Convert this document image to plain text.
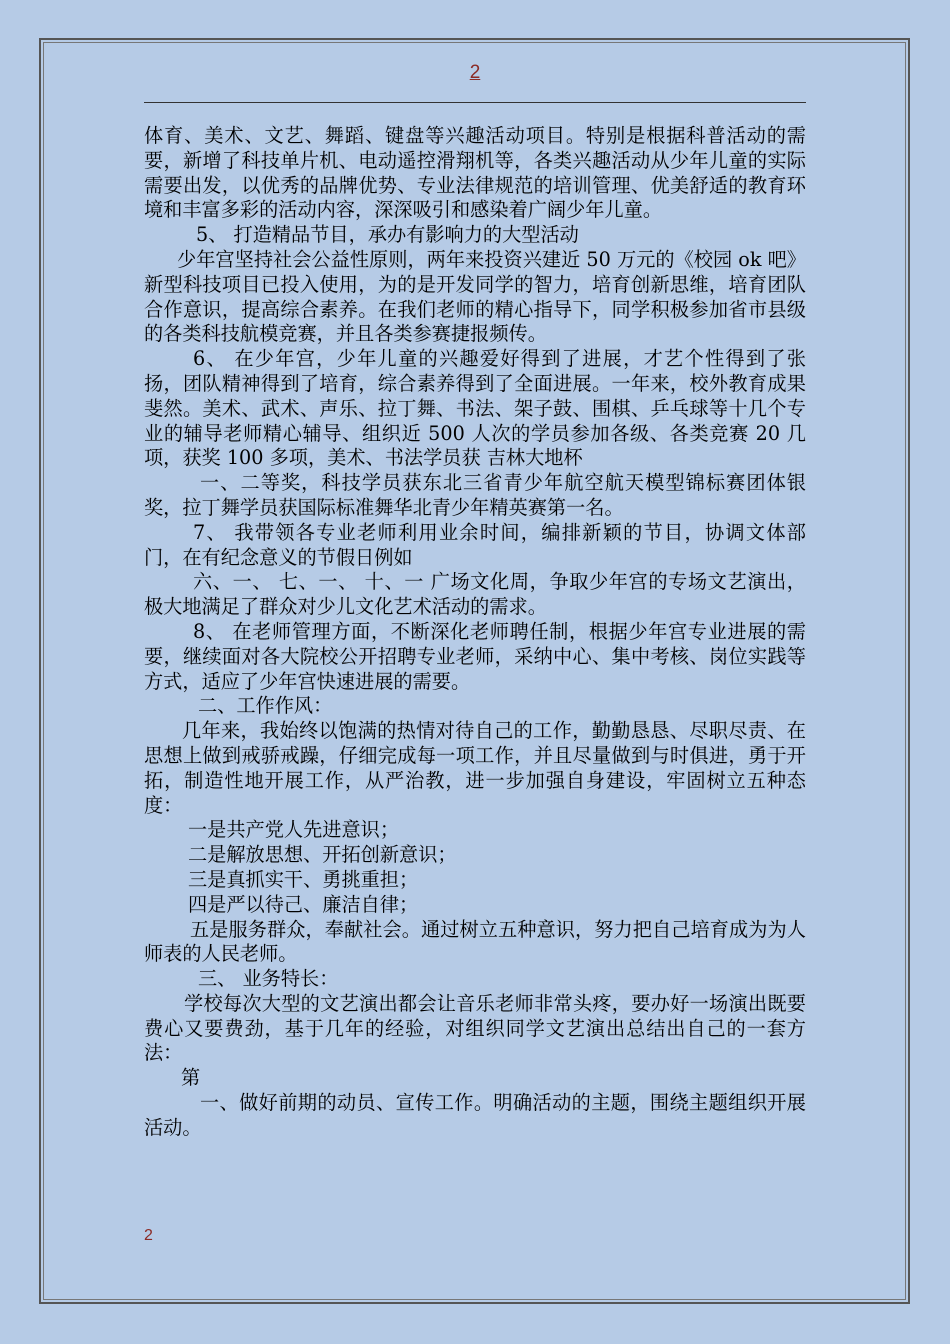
2

体育、美术、文艺、舞蹈、键盘等兴趣活动项目。特别是根据科普活动的需要，新增了科技单片机、电动遥控滑翔机等，各类兴趣活动从少年儿童的实际需要出发，以优秀的品牌优势、专业法律规范的培训管理、优美舒适的教育环境和丰富多彩的活动内容，深深吸引和感染着广阔少年儿童。

5、 打造精品节目，承办有影响力的大型活动

少年宫坚持社会公益性原则，两年来投资兴建近 50 万元的《校园 ok 吧》新型科技项目已投入使用，为的是开发同学的智力，培育创新思维，培育团队合作意识，提高综合素养。在我们老师的精心指导下，同学积极参加省市县级的各类科技航模竞赛，并且各类参赛捷报频传。

6、 在少年宫，少年儿童的兴趣爱好得到了进展，才艺个性得到了张扬，团队精神得到了培育，综合素养得到了全面进展。一年来，校外教育成果斐然。美术、武术、声乐、拉丁舞、书法、架子鼓、围棋、乒乓球等十几个专业的辅导老师精心辅导、组织近 500 人次的学员参加各级、各类竞赛 20 几项，获奖 100 多项，美术、书法学员获 吉林大地杯

一、二等奖，科技学员获东北三省青少年航空航天模型锦标赛团体银奖，拉丁舞学员获国际标准舞华北青少年精英赛第一名。

7、 我带领各专业老师利用业余时间，编排新颖的节目，协调文体部门，在有纪念意义的节假日例如

六、一、 七、一、 十、一 广场文化周，争取少年宫的专场文艺演出，极大地满足了群众对少儿文化艺术活动的需求。

8、 在老师管理方面，不断深化老师聘任制，根据少年宫专业进展的需要，继续面对各大院校公开招聘专业老师，采纳中心、集中考核、岗位实践等方式，适应了少年宫快速进展的需要。

二、工作作风：

几年来，我始终以饱满的热情对待自己的工作，勤勤恳恳、尽职尽责、在思想上做到戒骄戒躁，仔细完成每一项工作，并且尽量做到与时俱进，勇于开拓，制造性地开展工作，从严治教，进一步加强自身建设，牢固树立五种态度：

一是共产党人先进意识；

二是解放思想、开拓创新意识；

三是真抓实干、勇挑重担；

四是严以待己、廉洁自律；

五是服务群众，奉献社会。通过树立五种意识，努力把自己培育成为为人师表的人民老师。

三、 业务特长：

学校每次大型的文艺演出都会让音乐老师非常头疼，要办好一场演出既要费心又要费劲，基于几年的经验，对组织同学文艺演出总结出自己的一套方法：

第

一、做好前期的动员、宣传工作。明确活动的主题，围绕主题组织开展活动。

2
